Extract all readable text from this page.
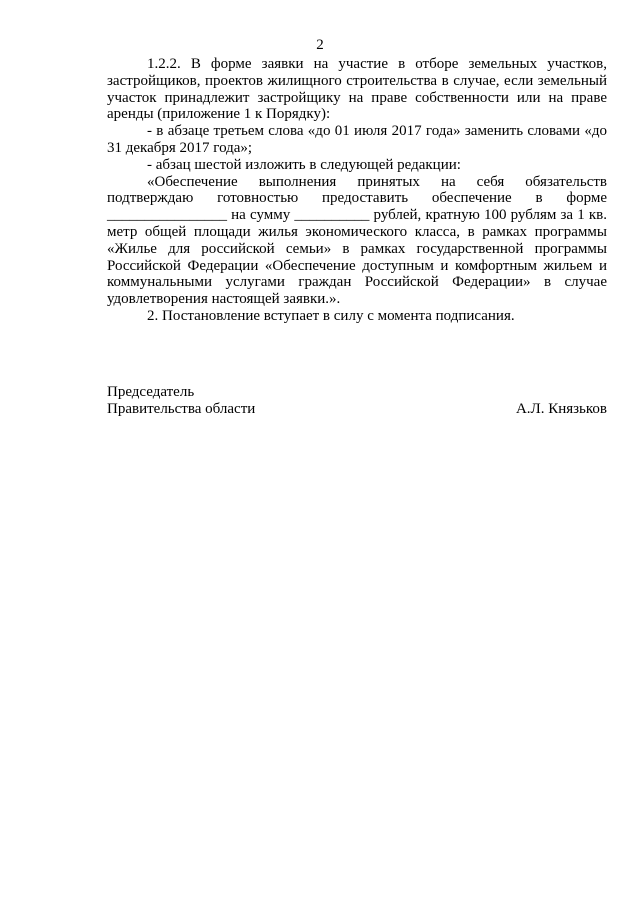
2

1.2.2. В форме заявки на участие в отборе земельных участков, застройщиков, проектов жилищного строительства в случае, если земельный участок принадлежит застройщику на праве собственности или на праве аренды (приложение 1 к Порядку):

- в абзаце третьем слова «до 01 июля 2017 года» заменить словами «до 31 декабря 2017 года»;

- абзац шестой изложить в следующей редакции:

«Обеспечение выполнения принятых на себя обязательств подтверждаю готовностью предоставить обеспечение в форме ________________ на сумму __________ рублей, кратную 100 рублям за 1 кв. метр общей площади жилья экономического класса, в рамках программы «Жилье для российской семьи» в рамках государственной программы Российской Федерации «Обеспечение доступным и комфортным жильем и коммунальными услугами граждан Российской Федерации» в случае удовлетворения настоящей заявки.».

2. Постановление вступает в силу с момента подписания.

Председатель
Правительства области	А.Л. Князьков
